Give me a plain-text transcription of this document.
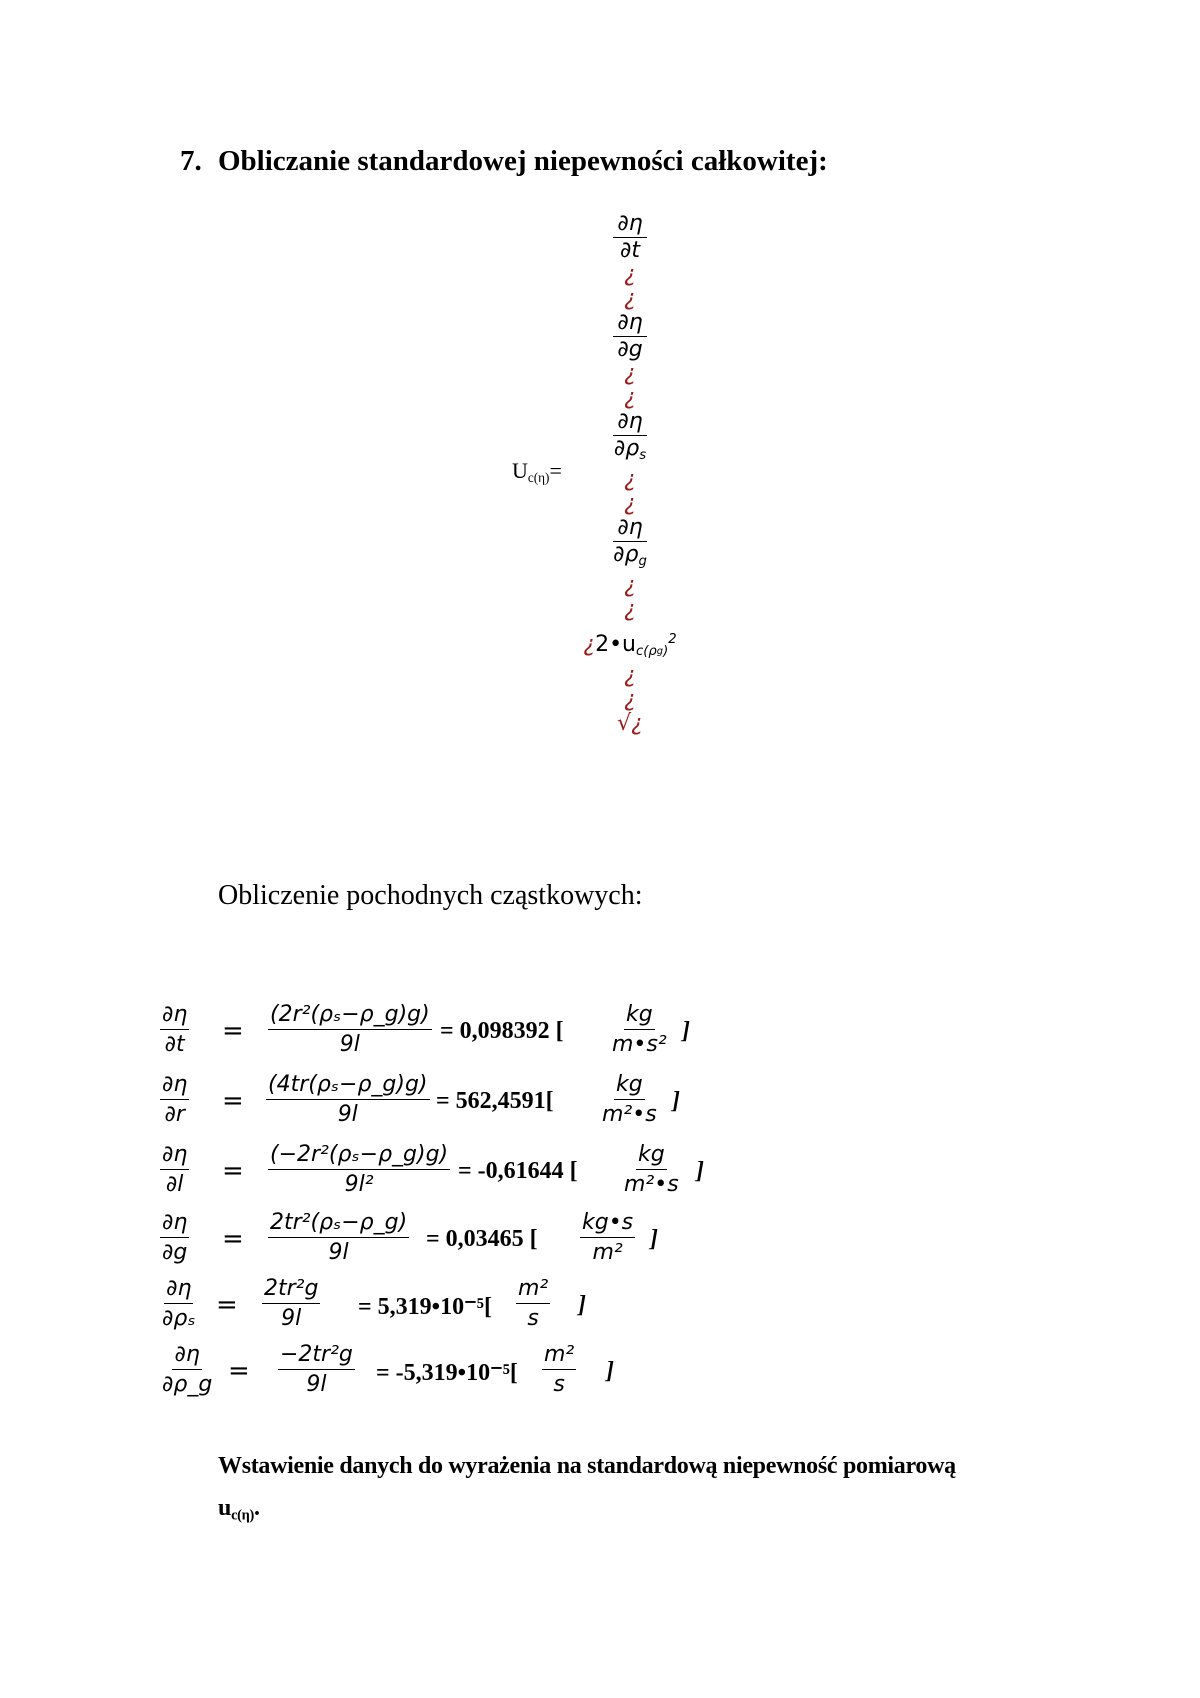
7. Obliczanie standardowej niepewności całkowitej:
$U_{c(\eta)}=$
$\frac{\partial\eta}{\partial t}$
¿
¿
$\frac{\partial\eta}{\partial g}$
¿
¿
$\frac{\partial\eta}{\partial\rho_s}$
¿
¿
$\frac{\partial\eta}{\partial\rho_g}$
¿
¿
¿$2•u_{c(\rho g)}^2$
¿
¿
√¿
Obliczenie pochodnych cząstkowych:
$\frac{\partial\eta}{\partial t} = \frac{\text{(2r²(ρₛ−ρ\_g)g)}}{9l} = 0,098392$ [ $\frac{kg}{\text{m•s²}}$ ]
$\frac{\partial\eta}{\partial r} = \frac{\text{(4tr(ρₛ−ρ\_g)g)}}{9l} = 562,4591[ \frac{kg}{\text{m²•s}}$ ]
$\frac{\partial\eta}{\partial l} = \frac{\text{(−2r²(ρₛ−ρ\_g)g)}}{\text{9l²}} = -0,61644$ [ $\frac{kg}{\text{m²•s}}$ ]
$\frac{\partial\eta}{\partial g} = \frac{\text{2tr²(ρₛ−ρ\_g)}}{9l} = 0,03465$ [ $\frac{kg•s}{\text{m²}}$ ]
$\frac{\partial\eta}{\text{∂ρₛ}} = \frac{\text{2tr²g}}{9l}$ = 5,319•10⁻⁵[ $\frac{\text{m²}}{s}$ ]
$\frac{\partial\eta}{\partial\rho\_g} = \frac{\text{−2tr²g}}{9l}$ = -5,319•10⁻⁵[ $\frac{\text{m²}}{s}$ ]
Wstawienie danych do wyrażenia na standardową niepewność pomiarową
$u_{c(\eta)}$.
